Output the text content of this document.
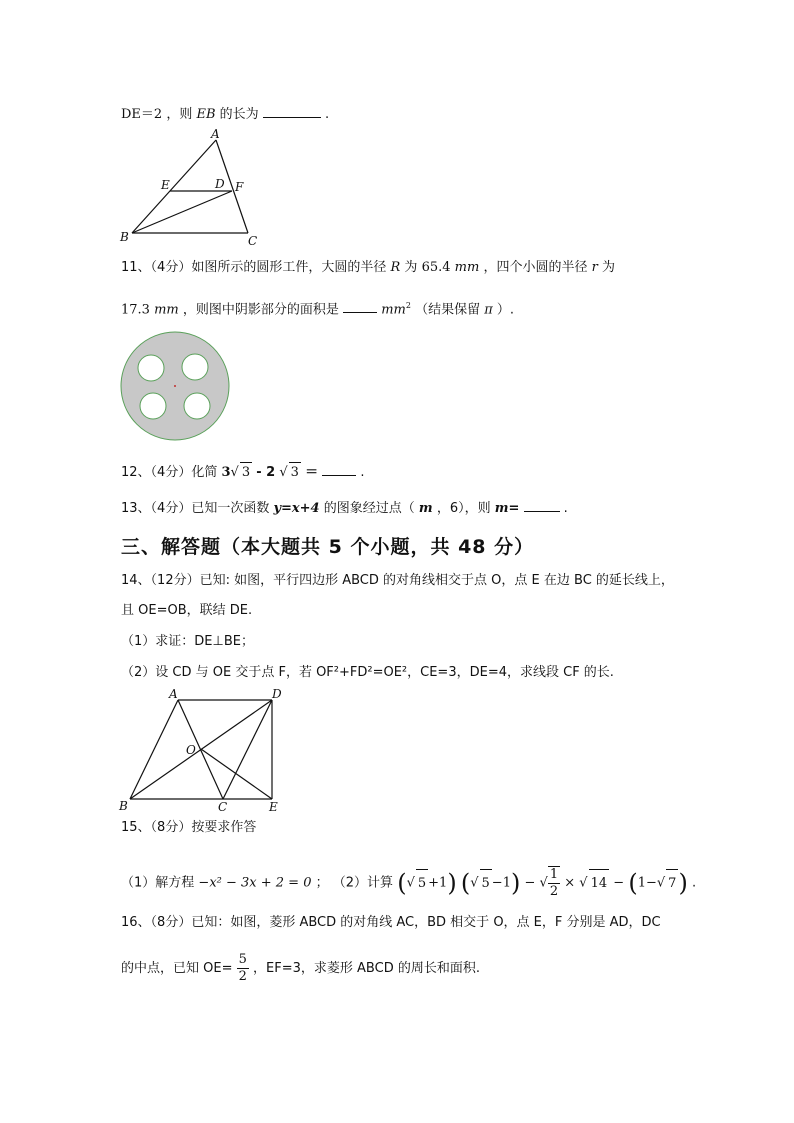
DE＝2 ，则 EB 的长为	.
A
B	C
D
E	F
11、（4分）如图所示的圆形工件，大圆的半径 R 为 65.4 mm ，四个小圆的半径 r 为
17.3 mm ，则图中阴影部分的面积是	$mm^2$ （结果保留 π ）.
12、（4分）化简 3√ 3 - 2 √ 3 ＝	.
13、（4分）已知一次函数 y=x+4 的图象经过点（ m ，6），则 m=	.
三、解答题（本大题共 5 个小题，共 48 分）
14、（12分）已知: 如图，平行四边形 ABCD 的对角线相交于点 O，点 E 在边 BC 的延长线上，
且 OE=OB，联结 DE.
（1）求证：DE⊥BE；
（2）设 CD 与 OE 交于点 F，若 OF²+FD²=OE²，CE=3，DE=4，求线段 CF 的长.
A	D
O
B	C	E
15、（8分）按要求作答
（1）解方程 −x² − 3x + 2 = 0 ； （2）计算 (√ 5 +1) (√ 5 −1) − √ $\frac{1}{2}$ × √ 14 − (1−√ 7) .
16、（8分）已知：如图，菱形 ABCD 的对角线 AC，BD 相交于 O，点 E，F 分别是 AD，DC
的中点，已知 $OE= \frac{5}{2}$ ，EF=3，求菱形 ABCD 的周长和面积.
